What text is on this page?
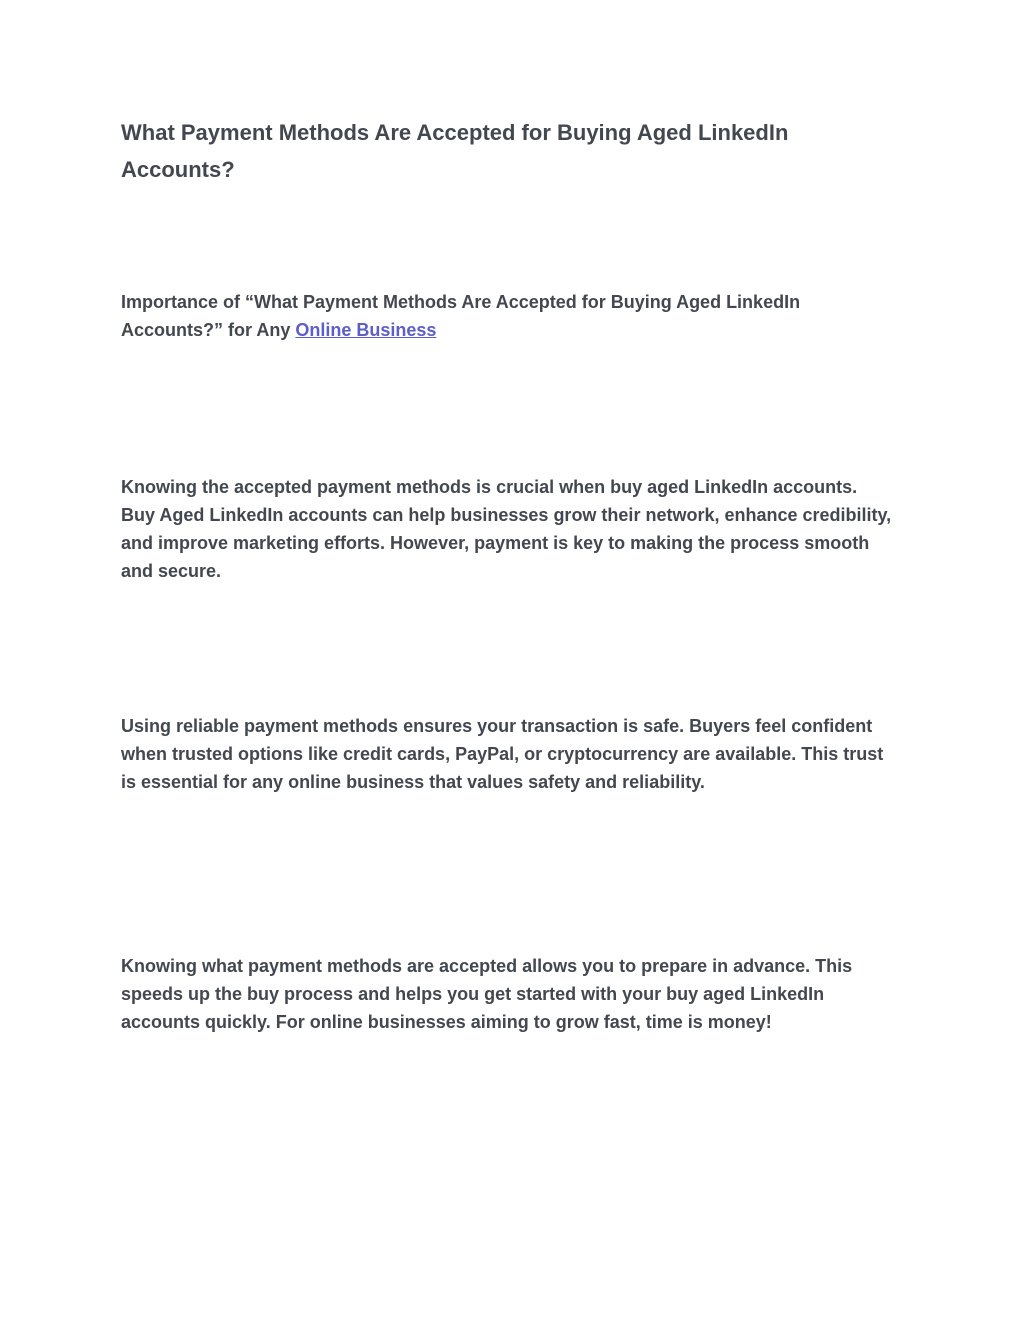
What Payment Methods Are Accepted for Buying Aged LinkedIn Accounts?
Importance of “What Payment Methods Are Accepted for Buying Aged LinkedIn Accounts?” for Any Online Business

Knowing the accepted payment methods is crucial when buy aged LinkedIn accounts. Buy Aged LinkedIn accounts can help businesses grow their network, enhance credibility, and improve marketing efforts. However, payment is key to making the process smooth and secure.

Using reliable payment methods ensures your transaction is safe. Buyers feel confident when trusted options like credit cards, PayPal, or cryptocurrency are available. This trust is essential for any online business that values safety and reliability.

Knowing what payment methods are accepted allows you to prepare in advance. This speeds up the buy process and helps you get started with your buy aged LinkedIn accounts quickly. For online businesses aiming to grow fast, time is money!
